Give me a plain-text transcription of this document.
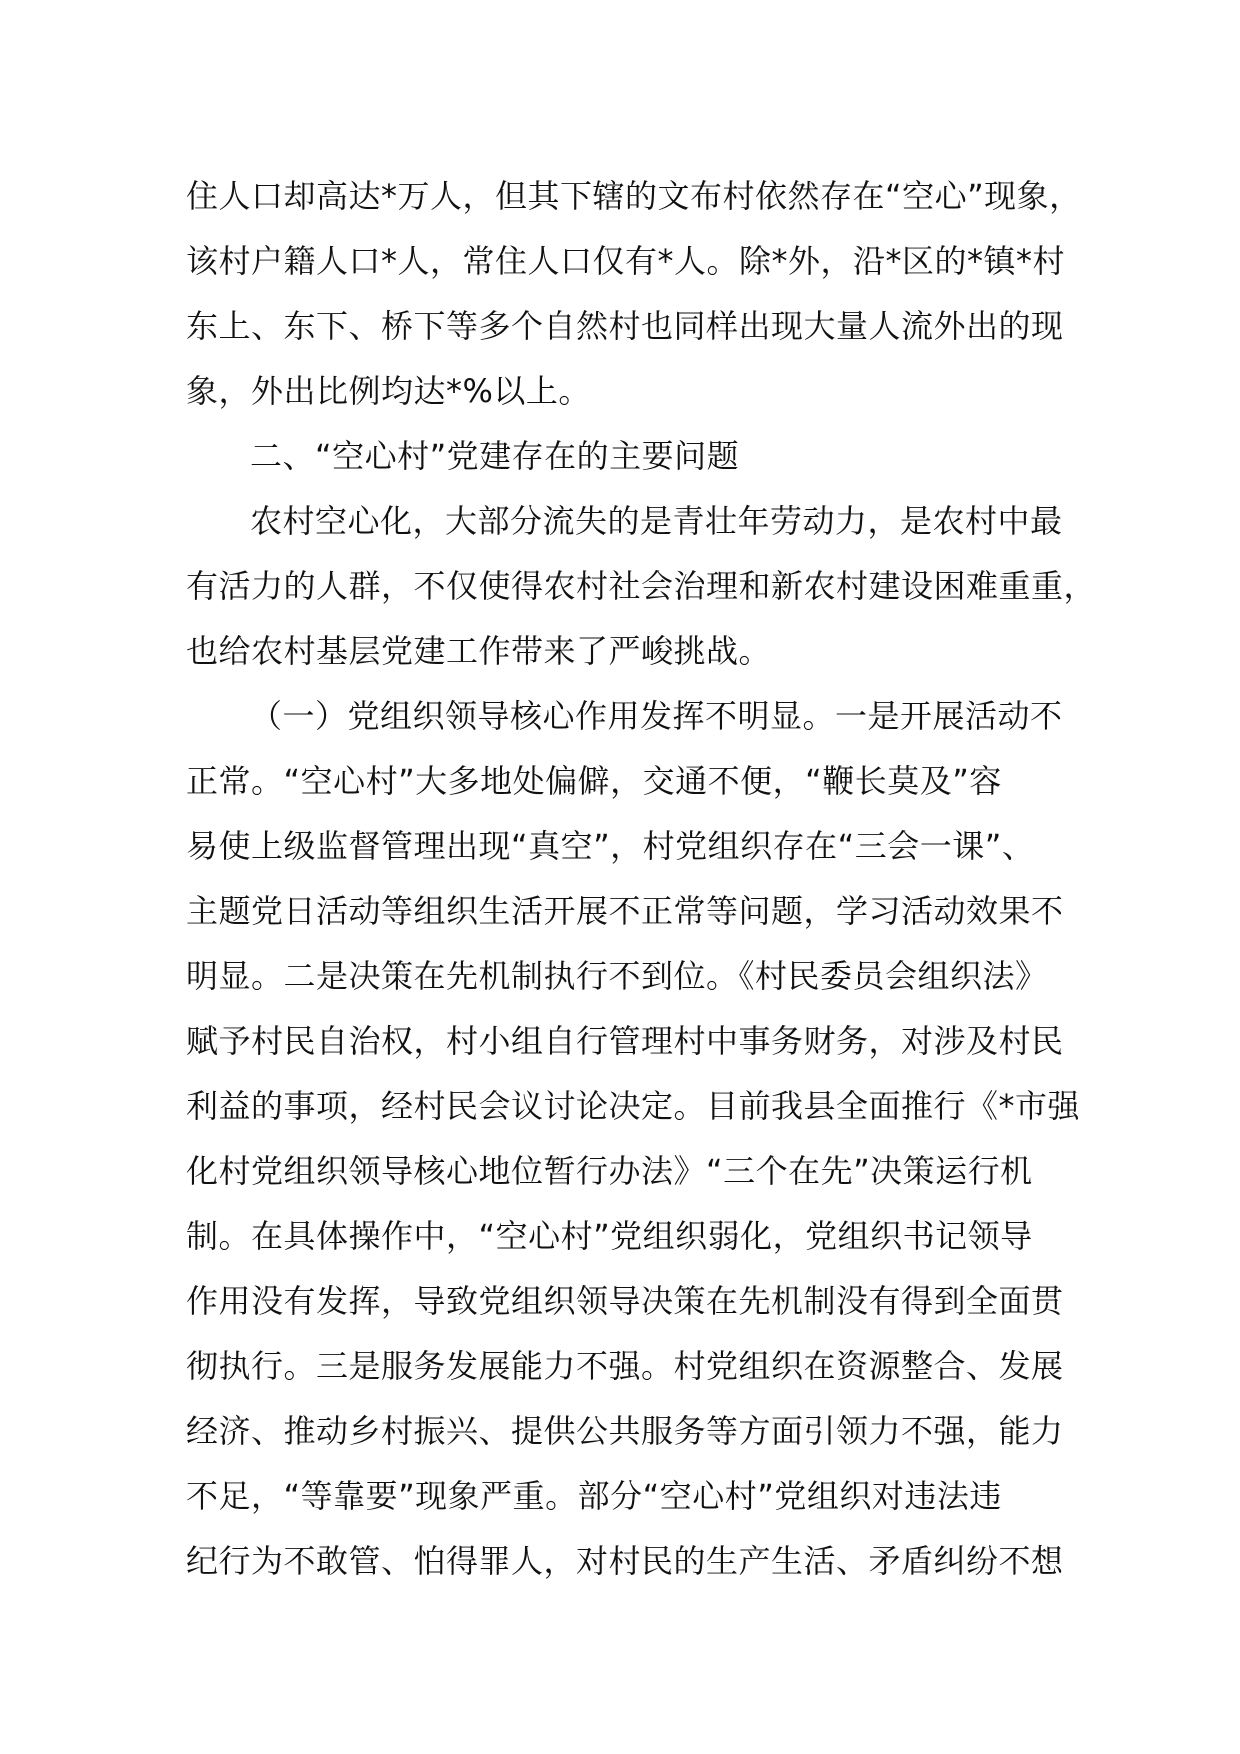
住人口却高达*万人，但其下辖的文布村依然存在“空心”现象，
该村户籍人口*人，常住人口仅有*人。除*外，沿*区的*镇*村
东上、东下、桥下等多个自然村也同样出现大量人流外出的现
象，外出比例均达*%以上。
二、“空心村”党建存在的主要问题
农村空心化，大部分流失的是青壮年劳动力，是农村中最
有活力的人群，不仅使得农村社会治理和新农村建设困难重重，
也给农村基层党建工作带来了严峻挑战。
（一）党组织领导核心作用发挥不明显。一是开展活动不
正常。“空心村”大多地处偏僻，交通不便，“鞭长莫及”容
易使上级监督管理出现“真空”，村党组织存在“三会一课”、
主题党日活动等组织生活开展不正常等问题，学习活动效果不
明显。二是决策在先机制执行不到位。《村民委员会组织法》
赋予村民自治权，村小组自行管理村中事务财务，对涉及村民
利益的事项，经村民会议讨论决定。目前我县全面推行《*市强
化村党组织领导核心地位暂行办法》“三个在先”决策运行机
制。在具体操作中，“空心村”党组织弱化，党组织书记领导
作用没有发挥，导致党组织领导决策在先机制没有得到全面贯
彻执行。三是服务发展能力不强。村党组织在资源整合、发展
经济、推动乡村振兴、提供公共服务等方面引领力不强，能力
不足，“等靠要”现象严重。部分“空心村”党组织对违法违
纪行为不敢管、怕得罪人，对村民的生产生活、矛盾纠纷不想
